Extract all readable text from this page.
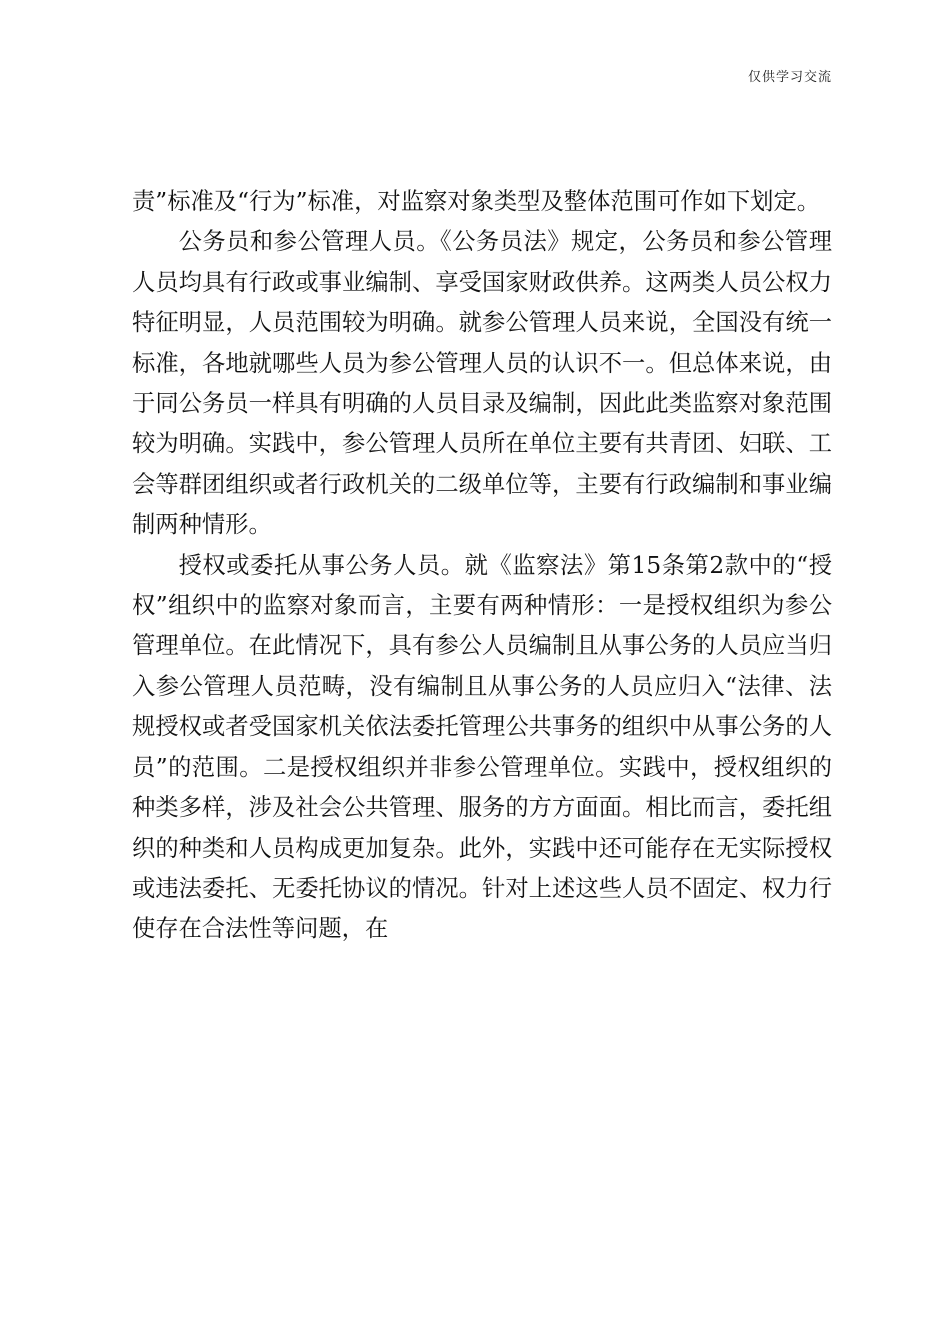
仅供学习交流

责”标准及“行为”标准，对监察对象类型及整体范围可作如下划定。

公务员和参公管理人员。《公务员法》规定，公务员和参公管理人员均具有行政或事业编制、享受国家财政供养。这两类人员公权力特征明显，人员范围较为明确。就参公管理人员来说，全国没有统一标准，各地就哪些人员为参公管理人员的认识不一。但总体来说，由于同公务员一样具有明确的人员目录及编制，因此此类监察对象范围较为明确。实践中，参公管理人员所在单位主要有共青团、妇联、工会等群团组织或者行政机关的二级单位等，主要有行政编制和事业编制两种情形。

授权或委托从事公务人员。就《监察法》第15条第2款中的“授权”组织中的监察对象而言，主要有两种情形：一是授权组织为参公管理单位。在此情况下，具有参公人员编制且从事公务的人员应当归入参公管理人员范畴，没有编制且从事公务的人员应归入“法律、法规授权或者受国家机关依法委托管理公共事务的组织中从事公务的人员”的范围。二是授权组织并非参公管理单位。实践中，授权组织的种类多样，涉及社会公共管理、服务的方方面面。相比而言，委托组织的种类和人员构成更加复杂。此外，实践中还可能存在无实际授权或违法委托、无委托协议的情况。针对上述这些人员不固定、权力行使存在合法性等问题，在
